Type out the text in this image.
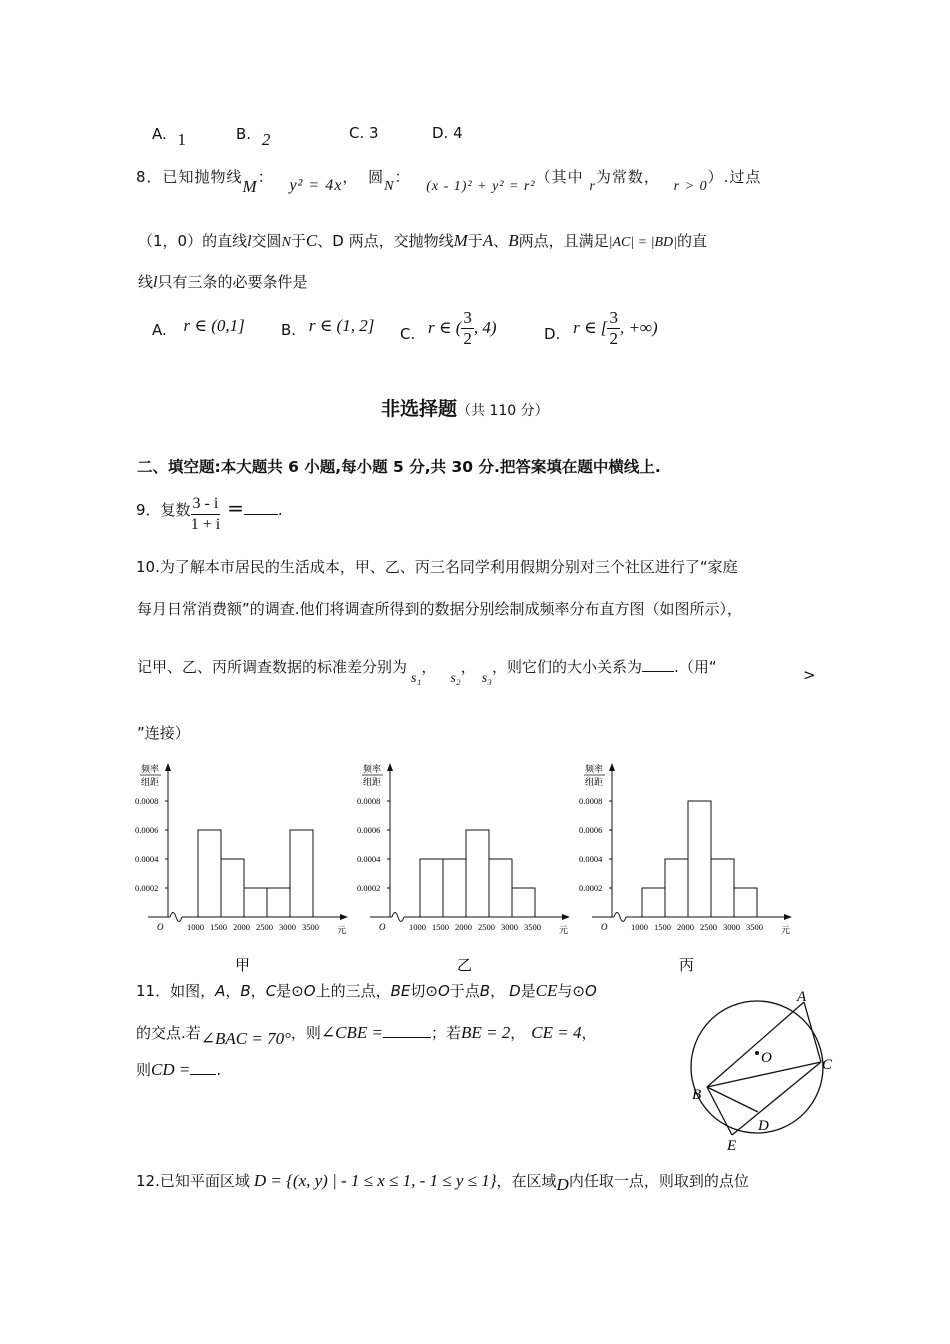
A. 1	B. 2	C. 3	D. 4
8．已知抛物线M： y² = 4x， 圆N： (x - 1)² + y² = r²（其中 r为常数， r > 0）.过点
（1，0）的直线l交圆N于C、D 两点，交抛物线M于A、B两点，且满足|AC| = |BD|的直
线l只有三条的必要条件是
A. r ∈ (0,1] B. r ∈ (1, 2] C. r ∈ ( $\frac{3}{2}$ , 4)	D. r ∈ [ $\frac{3}{2}$ , +∞)
非选择题（共 110 分）
二、填空题:本大题共 6 小题,每小题 5 分,共 30 分.把答案填在题中横线上.
9．复数 $\frac{3 - i}{1 + i}$ = .
10.为了解本市居民的生活成本，甲、乙、丙三名同学利用假期分别对三个社区进行了“家庭
每月日常消费额”的调查.他们将调查所得到的数据分别绘制成频率分布直方图（如图所示），
记甲、乙、丙所调查数据的标准差分别为s₁，s₂，s₃，则它们的大小关系为 .（用“	>
”连接）
频率
组距
0.0002
0.0004
0.0006
0.0008
1000 1500 2000 2500 3000 3500
O	元
甲
频率
组距
0.0002
0.0004
0.0006
0.0008
1000 1500 2000 2500 3000 3500
O	元
乙
频率
组距
0.0002
0.0004
0.0006
0.0008
1000 1500 2000 2500 3000 3500
O	元
丙
11．如图，A，B，C是⊙O上的三点，BE切⊙O于点B， D是CE与⊙O
的交点.若∠BAC = 70°，则∠CBE =	；若BE = 2， CE = 4，
则CD = .
A
B
C
D
E
O
12.已知平面区域 D = {(x, y) | - 1 ≤ x ≤ 1, - 1 ≤ y ≤ 1}，在区域D内任取一点，则取到的点位
